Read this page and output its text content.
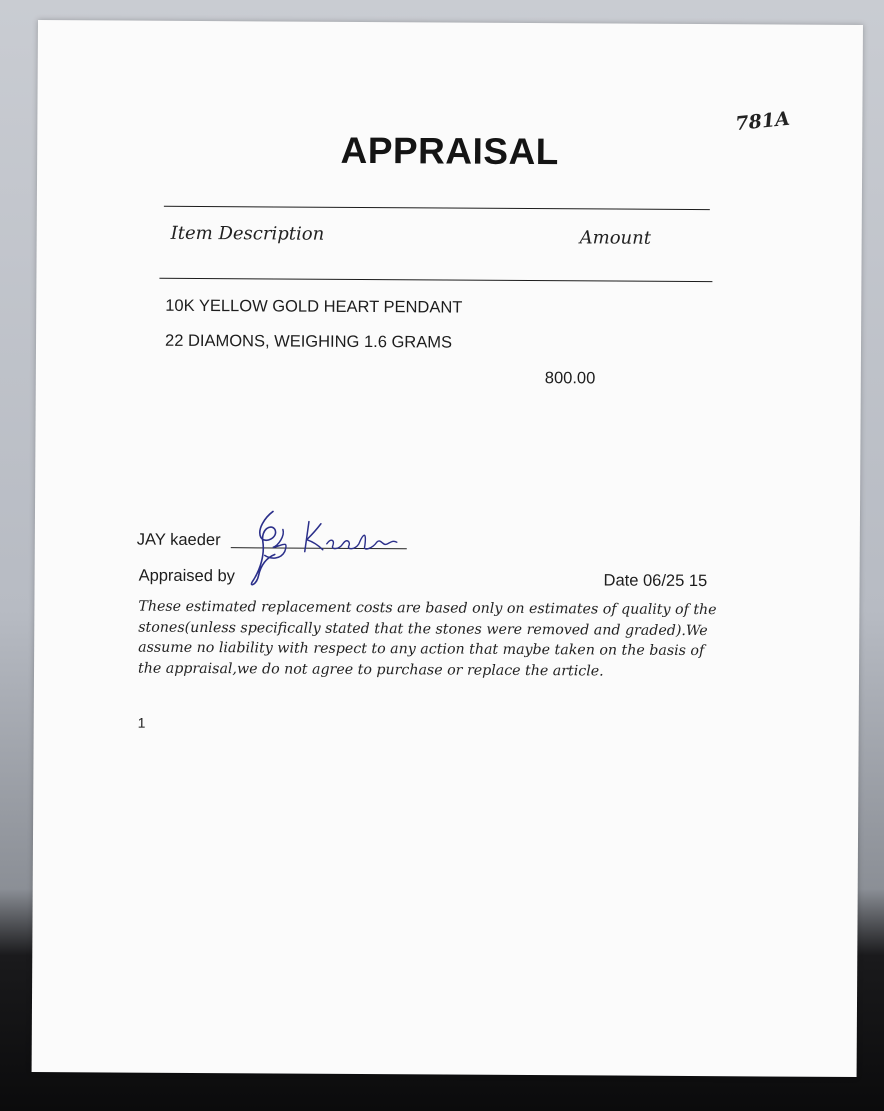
APPRAISAL
781A
Item Description	Amount
10K YELLOW GOLD HEART PENDANT
22 DIAMONS, WEIGHING 1.6 GRAMS
800.00
JAY kaeder
Appraised by	Date 06/25 15
These estimated replacement costs are based only on estimates of quality of the stones(unless specifically stated that the stones were removed and graded).We assume no liability with respect to any action that maybe taken on the basis of the appraisal,we do not agree to purchase or replace the article.
1
